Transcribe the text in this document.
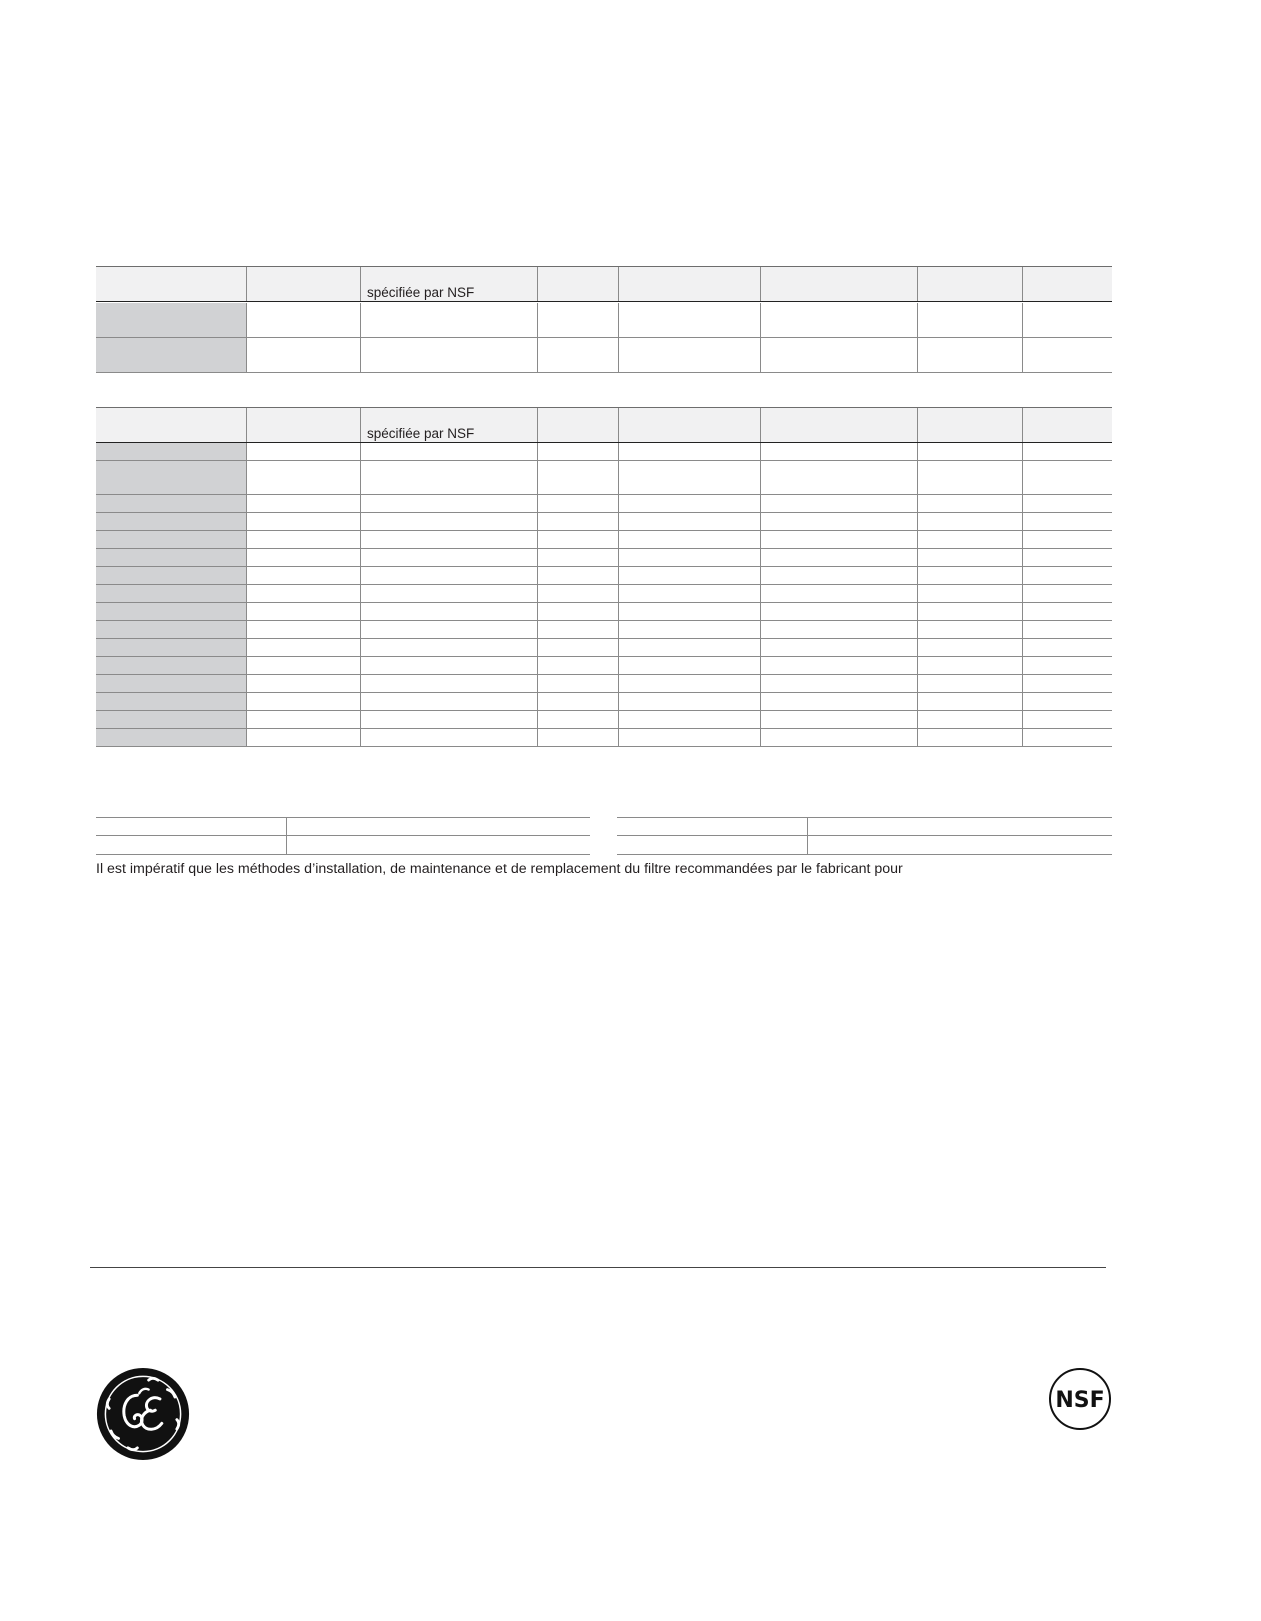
spécifiée par NSF
spécifiée par NSF
Il est impératif que les méthodes d’installation, de maintenance et de remplacement du filtre recommandées par le fabricant pour
NSF
